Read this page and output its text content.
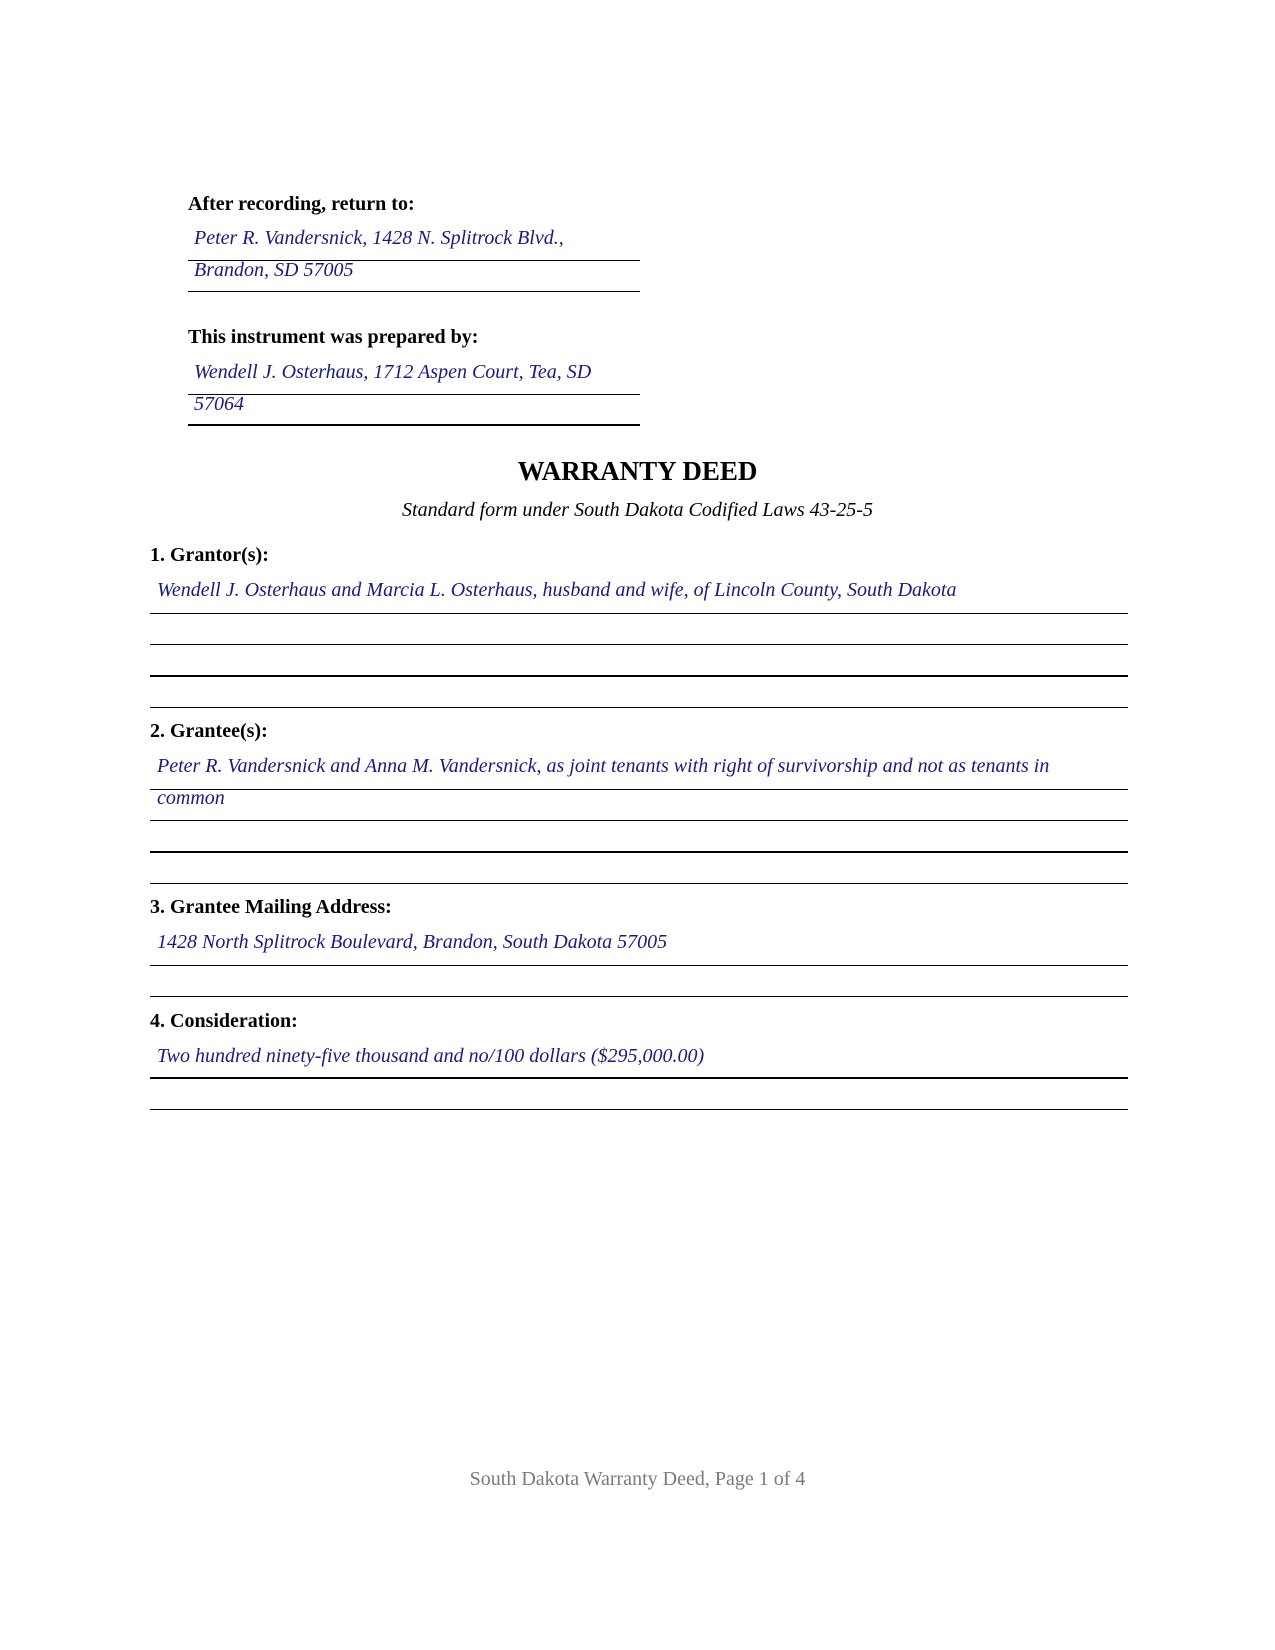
After recording, return to:
Peter R. Vandersnick, 1428 N. Splitrock Blvd.,
Brandon, SD 57005
This instrument was prepared by:
Wendell J. Osterhaus, 1712 Aspen Court, Tea, SD
57064
WARRANTY DEED
Standard form under South Dakota Codified Laws 43-25-5
1. Grantor(s):
Wendell J. Osterhaus and Marcia L. Osterhaus, husband and wife, of Lincoln County, South Dakota
2. Grantee(s):
Peter R. Vandersnick and Anna M. Vandersnick, as joint tenants with right of survivorship and not as tenants in
common
3. Grantee Mailing Address:
1428 North Splitrock Boulevard, Brandon, South Dakota 57005
4. Consideration:
Two hundred ninety-five thousand and no/100 dollars ($295,000.00)
South Dakota Warranty Deed, Page 1 of 4
